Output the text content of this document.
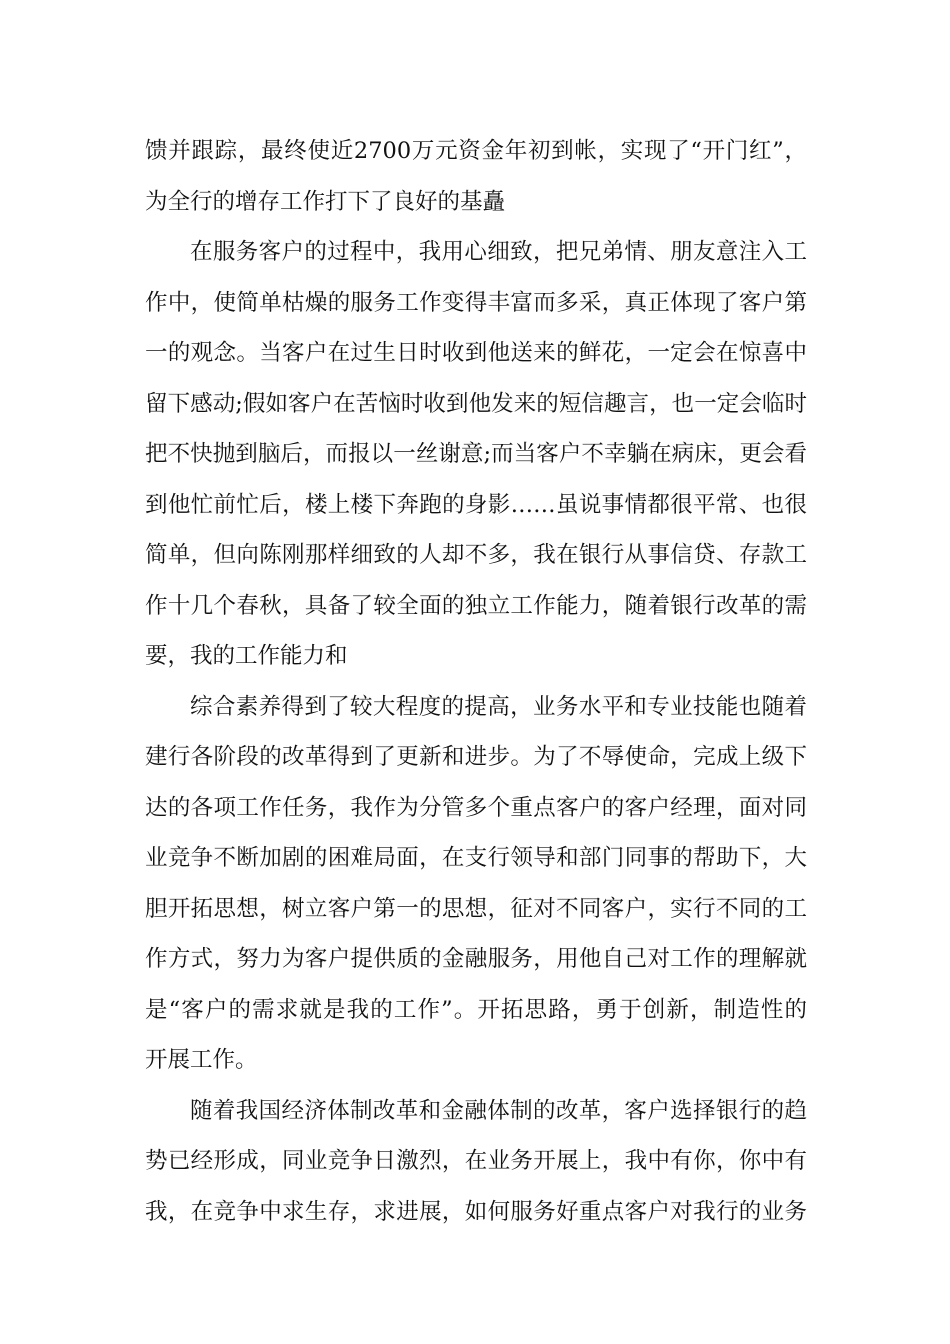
馈并跟踪，最终使近2700万元资金年初到帐，实现了“开门红”，
为全行的增存工作打下了良好的基矗
在服务客户的过程中，我用心细致，把兄弟情、朋友意注入工
作中，使简单枯燥的服务工作变得丰富而多采，真正体现了客户第
一的观念。当客户在过生日时收到他送来的鲜花，一定会在惊喜中
留下感动;假如客户在苦恼时收到他发来的短信趣言，也一定会临时
把不快抛到脑后，而报以一丝谢意;而当客户不幸躺在病床，更会看
到他忙前忙后，楼上楼下奔跑的身影……虽说事情都很平常、也很
简单，但向陈刚那样细致的人却不多，我在银行从事信贷、存款工
作十几个春秋，具备了较全面的独立工作能力，随着银行改革的需
要，我的工作能力和
综合素养得到了较大程度的提高，业务水平和专业技能也随着
建行各阶段的改革得到了更新和进步。为了不辱使命，完成上级下
达的各项工作任务，我作为分管多个重点客户的客户经理，面对同
业竞争不断加剧的困难局面，在支行领导和部门同事的帮助下，大
胆开拓思想，树立客户第一的思想，征对不同客户，实行不同的工
作方式，努力为客户提供质的金融服务，用他自己对工作的理解就
是“客户的需求就是我的工作”。开拓思路，勇于创新，制造性的
开展工作。
随着我国经济体制改革和金融体制的改革，客户选择银行的趋
势已经形成，同业竞争日激烈，在业务开展上，我中有你，你中有
我，在竞争中求生存，求进展，如何服务好重点客户对我行的业务
